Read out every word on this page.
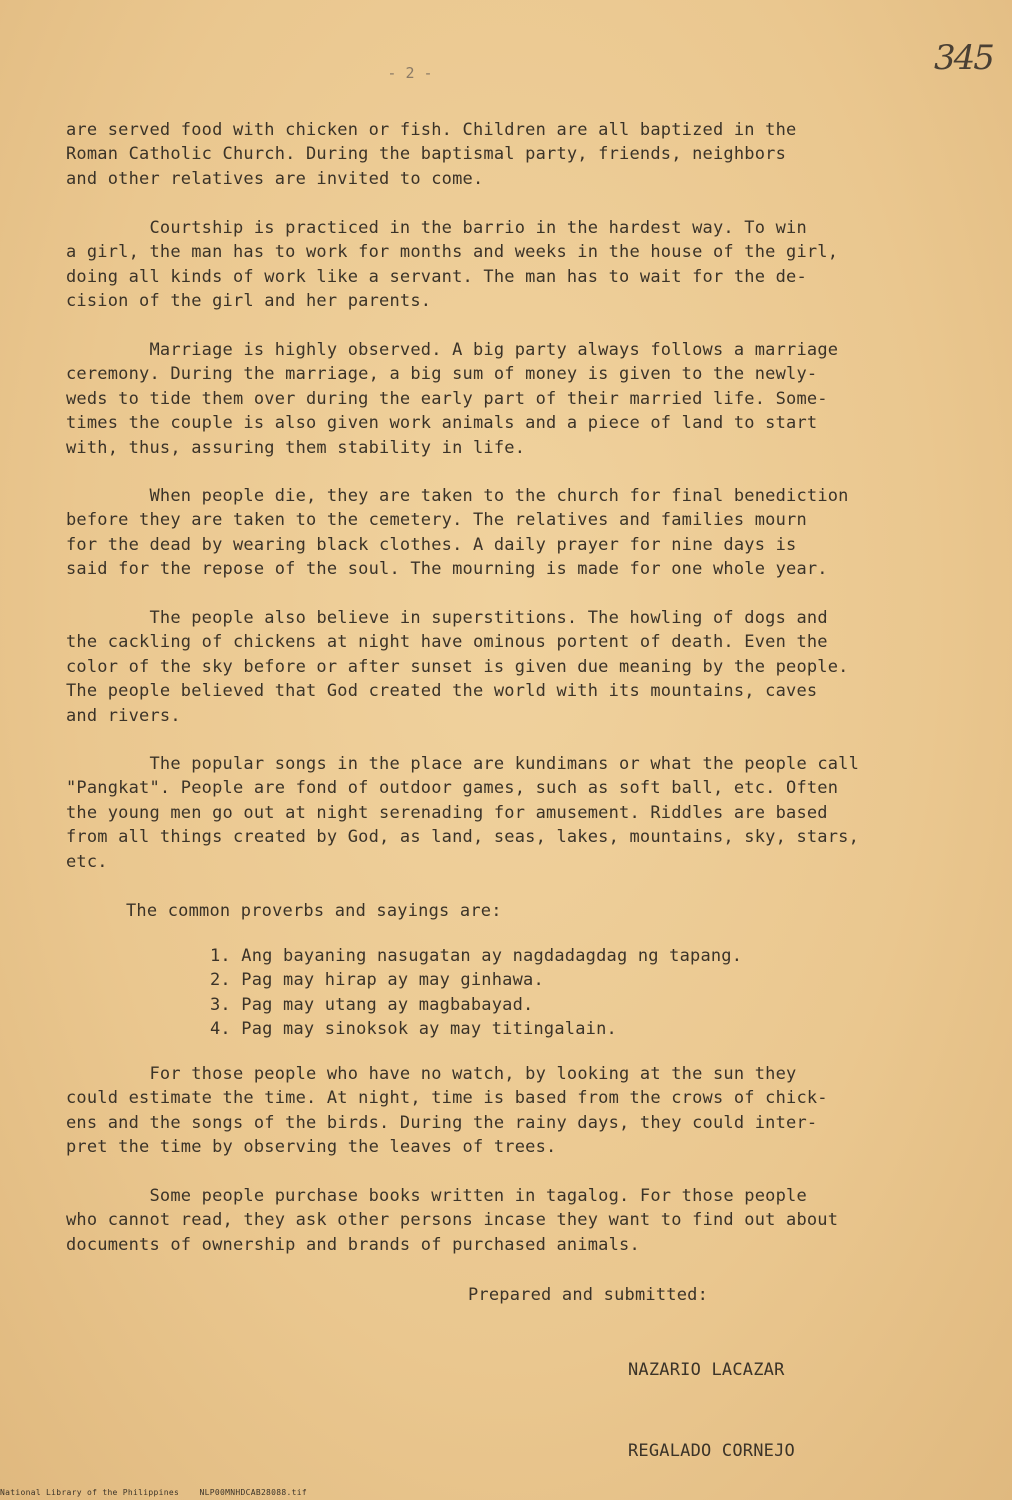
345
- 2 -

are served food with chicken or fish. Children are all baptized in the
Roman Catholic Church. During the baptismal party, friends, neighbors
and other relatives are invited to come.

Courtship is practiced in the barrio in the hardest way. To win
a girl, the man has to work for months and weeks in the house of the girl,
doing all kinds of work like a servant. The man has to wait for the de-
cision of the girl and her parents.

Marriage is highly observed. A big party always follows a marriage
ceremony. During the marriage, a big sum of money is given to the newly-
weds to tide them over during the early part of their married life. Some-
times the couple is also given work animals and a piece of land to start
with, thus, assuring them stability in life.

When people die, they are taken to the church for final benediction
before they are taken to the cemetery. The relatives and families mourn
for the dead by wearing black clothes. A daily prayer for nine days is
said for the repose of the soul. The mourning is made for one whole year.

The people also believe in superstitions. The howling of dogs and
the cackling of chickens at night have ominous portent of death. Even the
color of the sky before or after sunset is given due meaning by the people.
The people believed that God created the world with its mountains, caves
and rivers.

The popular songs in the place are kundimans or what the people call
"Pangkat". People are fond of outdoor games, such as soft ball, etc. Often
the young men go out at night serenading for amusement. Riddles are based
from all things created by God, as land, seas, lakes, mountains, sky, stars,
etc.

The common proverbs and sayings are:

1. Ang bayaning nasugatan ay nagdadagdag ng tapang.
2. Pag may hirap ay may ginhawa.
3. Pag may utang ay magbabayad.
4. Pag may sinoksok ay may titingalain.

For those people who have no watch, by looking at the sun they
could estimate the time. At night, time is based from the crows of chick-
ens and the songs of the birds. During the rainy days, they could inter-
pret the time by observing the leaves of trees.

Some people purchase books written in tagalog. For those people
who cannot read, they ask other persons incase they want to find out about
documents of ownership and brands of purchased animals.

Prepared and submitted:
NAZARIO LACAZAR
REGALADO CORNEJO
National Library of the Philippines	NLP00MNHDCAB28088.tif
